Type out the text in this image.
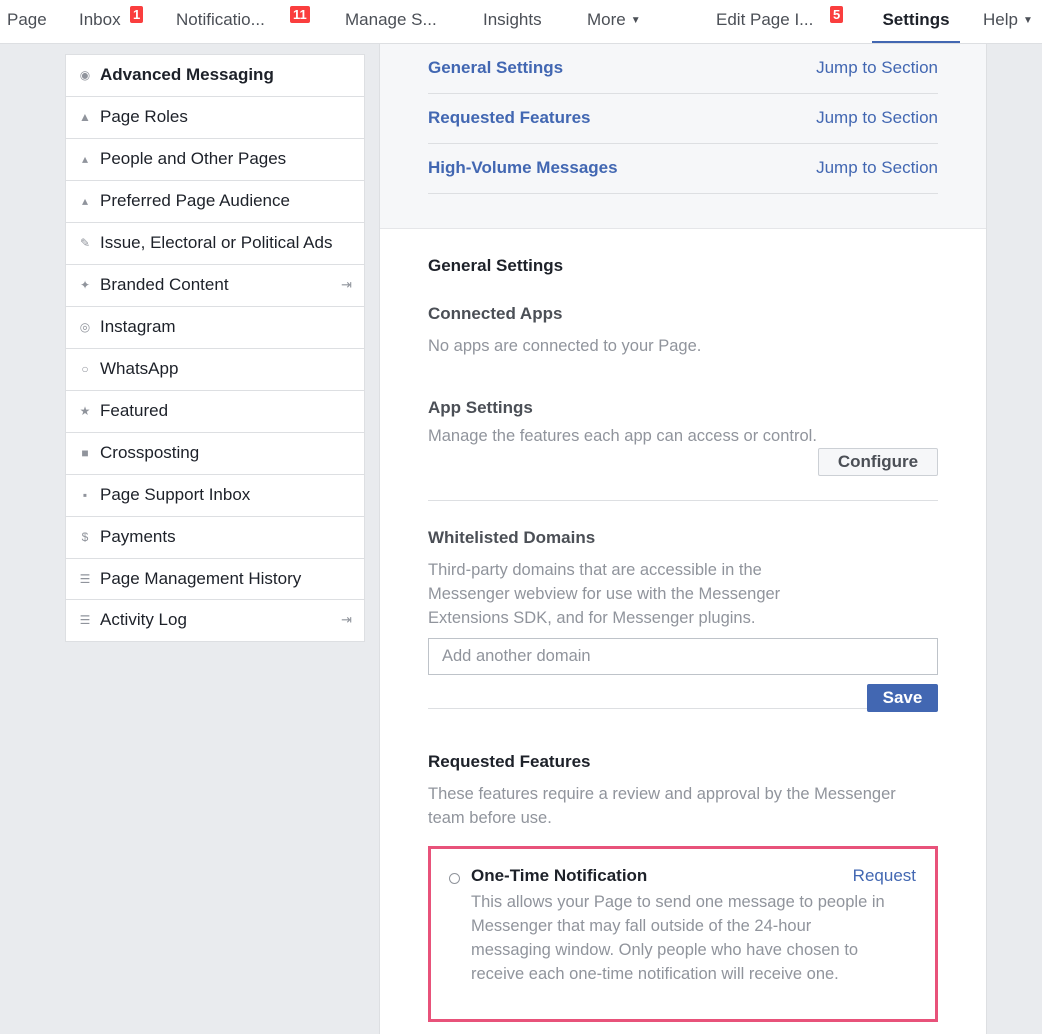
Page Inbox 1 Notificatio... 11 Manage S...	Insights	More ▼	Edit Page I... 5	Settings	Help ▼
◉ Advanced Messaging
▲ Page Roles
▴ People and Other Pages
▴ Preferred Page Audience
✎ Issue, Electoral or Political Ads
✦ Branded Content	⇥
◎ Instagram
○ WhatsApp
★ Featured
■ Crossposting
▪ Page Support Inbox
$ Payments
☰ Page Management History
☰ Activity Log	⇥
General Settings	Jump to Section
Requested Features	Jump to Section
High-Volume Messages	Jump to Section
General Settings
Connected Apps
No apps are connected to your Page.
App Settings
Manage the features each app can access or control.
Configure
Whitelisted Domains
Third-party domains that are accessible in the Messenger webview for use with the Messenger Extensions SDK, and for Messenger plugins.
Add another domain
Save
Requested Features
These features require a review and approval by the Messenger team before use.
One-Time Notification	Request
This allows your Page to send one message to people in Messenger that may fall outside of the 24-hour messaging window. Only people who have chosen to receive each one-time notification will receive one.
